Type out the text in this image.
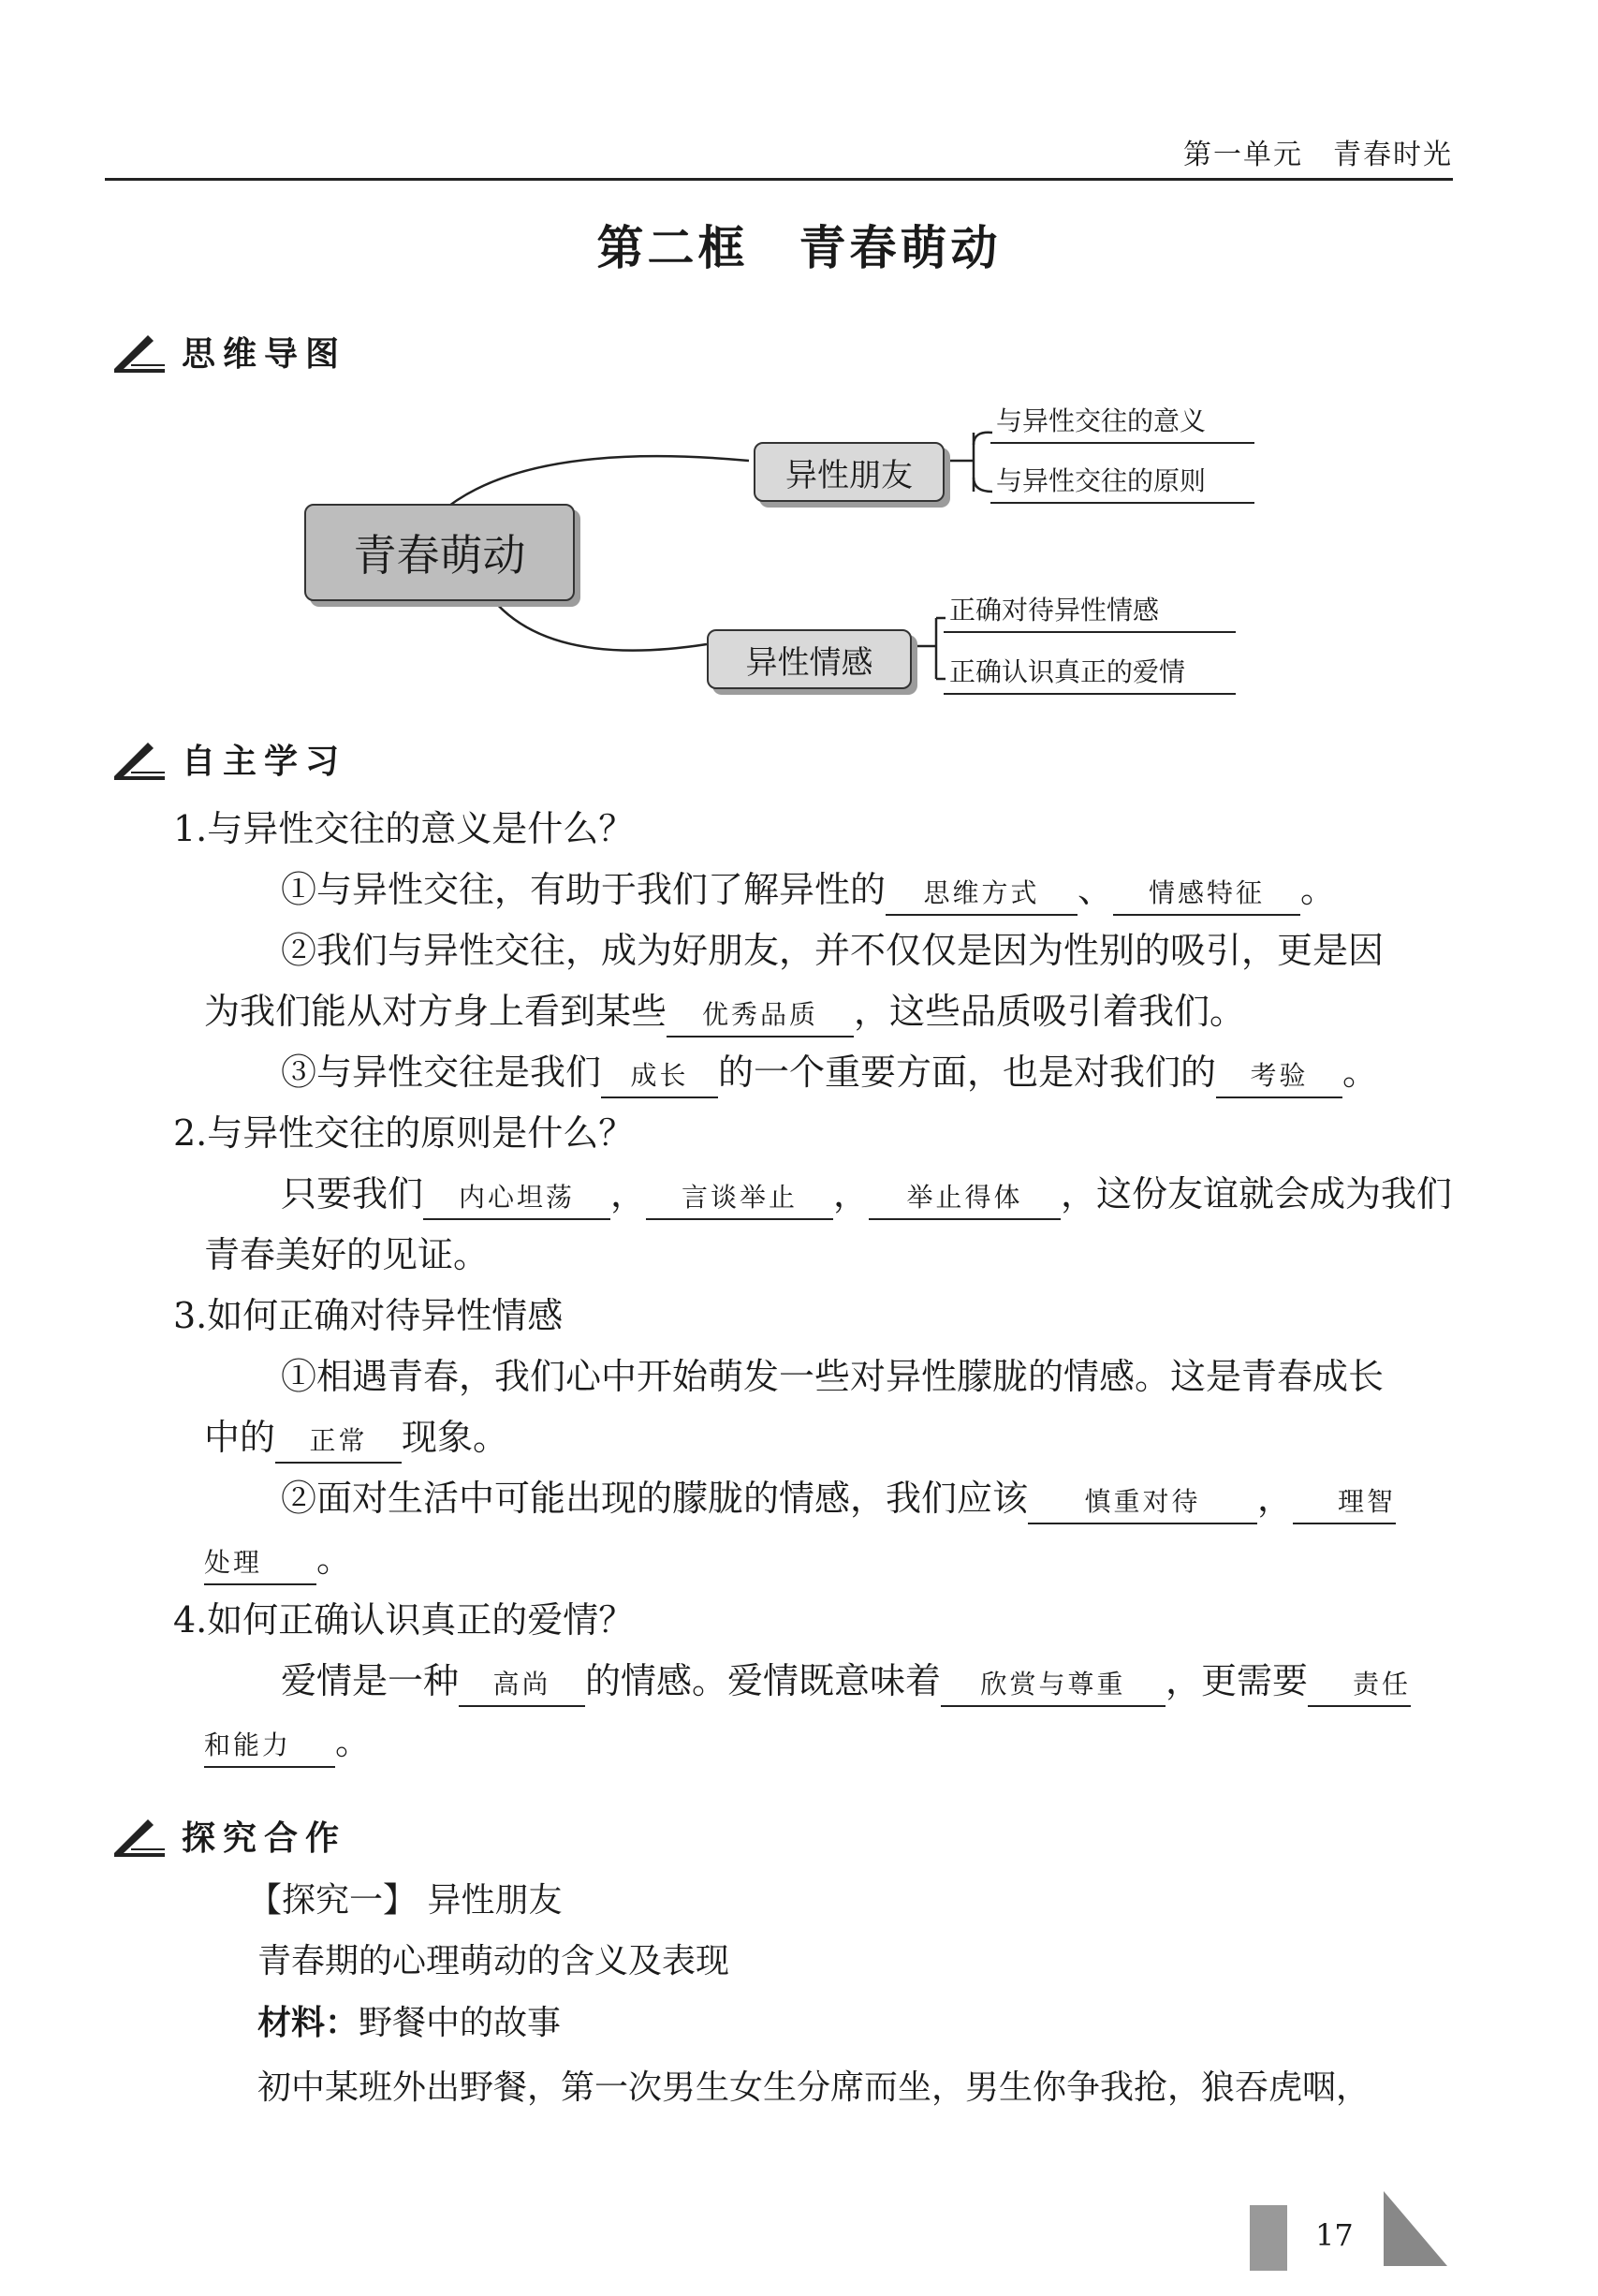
第一单元　青春时光
第二框　青春萌动
思维导图
青春萌动
异性朋友
异性情感
与异性交往的意义
与异性交往的原则
正确对待异性情感
正确认识真正的爱情
自主学习
1.与异性交往的意义是什么？
①与异性交往，有助于我们了解异性的 思维方式 、 情感特征 。
②我们与异性交往，成为好朋友，并不仅仅是因为性别的吸引，更是因
为我们能从对方身上看到某些 优秀品质 ，这些品质吸引着我们。
③与异性交往是我们 成长 的一个重要方面，也是对我们的 考验 。
2.与异性交往的原则是什么？
只要我们 内心坦荡 ， 言谈举止 ， 举止得体 ，这份友谊就会成为我们
青春美好的见证。
3.如何正确对待异性情感
①相遇青春，我们心中开始萌发一些对异性朦胧的情感。这是青春成长
中的 正常 现象。
②面对生活中可能出现的朦胧的情感，我们应该 慎重对待 ， 理智
处理 。
4.如何正确认识真正的爱情？
爱情是一种 高尚 的情感。爱情既意味着 欣赏与尊重 ，更需要 责任
和能力 。
探究合作
【探究一】 异性朋友
青春期的心理萌动的含义及表现
材料：野餐中的故事
初中某班外出野餐，第一次男生女生分席而坐，男生你争我抢，狼吞虎咽，
17
